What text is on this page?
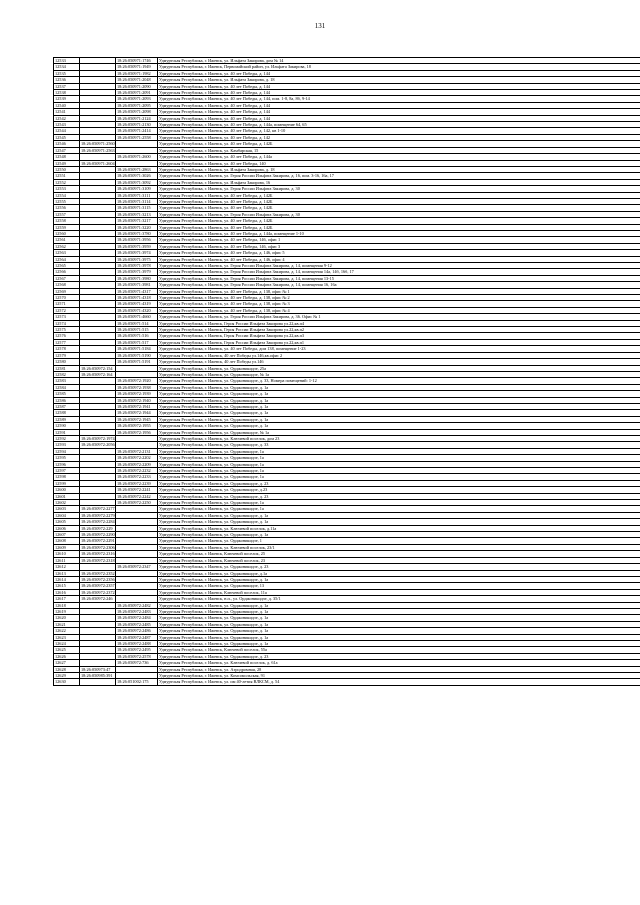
131
12533		18:26:050971:1746	Удмуртская Республика, г. Ижевск, ул. Ильфата Закирова, дом № 14
12534		18:26:050971:1949	Удмуртская Республика, г. Ижевск, Первомайский район, ул. Ильфата Закирова, 18
12535		18:26:050971:1982	Удмуртская Республика, г. Ижевск, ул. 40 лет Победы, д. 144
12536		18:26:050971:2048	Удмуртская Республика, г. Ижевск, ул. Ильфата Закирова, д. 18
12537		18:26:050971:2090	Удмуртская Республика, г. Ижевск, ул. 40 лет Победы, д. 144
12538		18:26:050971:2091	Удмуртская Республика, г. Ижевск, ул. 40 лет Победы, д. 144
12539		18:26:050971:2093	Удмуртская Республика, г. Ижевск, ул. 40 лет Победы, д. 144, пом. 1-8, 8а, 8б, 9-14
12540		18:26:050971:2095	Удмуртская Республика, г. Ижевск, ул. 40 лет Победы, д. 144
12541		18:26:050971:2098	Удмуртская Республика, г. Ижевск, ул. 40 лет Победы, д. 144
12542		18:26:050971:2124	Удмуртская Республика, г. Ижевск, ул. 40 лет Победы, д. 144
12543		18:26:050971:2130	Удмуртская Республика, г. Ижевск, ул. 40 лет Победы, д. 144а, помещение 64, 65
12544		18:26:050971:2414	Удмуртская Республика, г. Ижевск, ул. 40 лет Победы, д. 142, кв 1-10
12545		18:26:050971:2558	Удмуртская Республика, г. Ижевск, ул. 40 лет Победы, д. 142
12546	18:26:050971:2560		Удмуртская Республика, г. Ижевск, ул. 40 лет Победы, д. 142Б
12547	18:26:050971:2563		Удмуртская Республика, г. Ижевск, ул. Камбарская, 15
12548		18:26:050971:2600	Удмуртская Республика, г. Ижевск, ул. 40 лет Победы, д. 144а
12549	18:26:050971:2604		Удмуртская Республика, г. Ижевск, ул. 40 лет Победы, 140
12550		18:26:050971:2863	Удмуртская Республика, г. Ижевск, ул. Ильфата Закирова, д. 18
12551		18:26:050971:3026	Удмуртская Республика, г. Ижевск, ул. Героя России Ильфата Закирова, д. 16, пом. 3-16, 16а, 17
12552		18:26:050971:3092	Удмуртская Республика, г. Ижевск, ул. Ильфата Закирова, 16
12553		18:26:050971:3109	Удмуртская Республика, г. Ижевск, ул. Героя России Ильфата Закирова, д. 30
12554		18:26:050971:3111	Удмуртская Республика, г. Ижевск, ул. 40 лет Победы, д. 142Б
12555		18:26:050971:3114	Удмуртская Республика, г. Ижевск, ул. 40 лет Победы, д. 142Б
12556		18:26:050971:3115	Удмуртская Республика, г. Ижевск, ул. 40 лет Победы, д. 142Б
12557		18:26:050971:3213	Удмуртская Республика, г. Ижевск, ул. Героя России Ильфата Закирова, д. 30
12558		18:26:050971:3217	Удмуртская Республика, г. Ижевск, ул. 40 лет Победы, д. 142Б
12559		18:26:050971:3220	Удмуртская Республика, г. Ижевск, ул. 40 лет Победы, д. 142Б
12560		18:26:050971:3780	Удмуртская Республика, г. Ижевск, ул. 40 лет Победы, д. 144а, помещение 1-10
12561		18:26:050971:3956	Удмуртская Республика, г. Ижевск, ул. 40 лет Победы, 146, офис 1
12562		18:26:050971:3959	Удмуртская Республика, г. Ижевск, ул. 40 лет Победы, 146, офис 3
12563		18:26:050971:3974	Удмуртская Республика, г. Ижевск, ул. 40 лет Победы, д. 146, офис 5
12564		18:26:050971:3975	Удмуртская Республика, г. Ижевск, ул. 40 лет Победы, д. 146, офис 4
12565		18:26:050971:3978	Удмуртская Республика, г. Ижевск, ул. Героя России Ильфата Закирова, д. 14, помещения 9-12
12566		18:26:050971:3979	Удмуртская Республика, г. Ижевск, ул. Героя России Ильфата Закирова, д. 14, помещения 14а, 14б, 16б, 17
12567		18:26:050971:3980	Удмуртская Республика, г. Ижевск, ул. Героя России Ильфата Закирова, д. 14, помещения 13-15
12568		18:26:050971:3981	Удмуртская Республика, г. Ижевск, ул. Героя России Ильфата Закирова, д. 14, помещения 16, 16а
12569		18:26:050971:4317	Удмуртская Республика, г. Ижевск, ул. 40 лет Победы, д. 138, офис № 1
12570		18:26:050971:4318	Удмуртская Республика, г. Ижевск, ул. 40 лет Победы, д. 138, офис № 2
12571		18:26:050971:4319	Удмуртская Республика, г. Ижевск, ул. 40 лет Победы, д. 138, офис № 3
12572		18:26:050971:4320	Удмуртская Республика, г. Ижевск, ул. 40 лет Победы, д. 138, офис № 4
12573		18:26:050971:4660	Удмуртская Республика, г. Ижевск, ул. Героя России Ильфата Закирова, д. 36. Офис № 1
12574		18:26:050971:514	Удмуртская Республика, г. Ижевск, Героя России Ильфата Закирова ул.22,кв.п4
12575		18:26:050971:515	Удмуртская Республика, г. Ижевск, Героя России Ильфата Закирова ул.22,кв.п2
12576		18:26:050971:516	Удмуртская Республика, г. Ижевск, Героя России Ильфата Закирова ул.22,кв.п3
12577		18:26:050971:517	Удмуртская Республика, г. Ижевск, Героя России Ильфата Закирова ул.22,кв.п1
12578		18:26:050971:5184	Удмуртская Республика, г. Ижевск, ул. 40 лет Победы, дом 138, помещение 1-23
12579		18:26:050971:5190	Удмуртская Республика, г. Ижевск, 40 лет Победы ул.146,кв.офис 2
12580		18:26:050971:5191	Удмуртская Республика, г. Ижевск, 40 лет Победы ул.146
12581	18:26:050972:154		Удмуртская Республика, г. Ижевск, ул. Орджоникидзе, 25а
12582	18:26:050972:164		Удмуртская Республика, г. Ижевск, ул. Орджоникидзе, № 1а
12583		18:26:050972:1920	Удмуртская Республика, г. Ижевск, ул. Орджоникидзе, д. 33, Номера помещений: 1-12
12584		18:26:050972:1938	Удмуртская Республика, г. Ижевск, ул. Орджоникидзе, д. 1а
12585		18:26:050972:1939	Удмуртская Республика, г. Ижевск, ул. Орджоникидзе, д. 1а
12586		18:26:050972:1940	Удмуртская Республика, г. Ижевск, ул. Орджоникидзе, д. 1а
12587		18:26:050972:1941	Удмуртская Республика, г. Ижевск, ул. Орджоникидзе, д. 1а
12588		18:26:050972:1944	Удмуртская Республика, г. Ижевск, ул. Орджоникидзе, д. 1а
12589		18:26:050972:1945	Удмуртская Республика, г. Ижевск, ул. Орджоникидзе, д. 1а
12590		18:26:050972:1955	Удмуртская Республика, г. Ижевск, ул. Орджоникидзе, д. 1а
12591		18:26:050972:1956	Удмуртская Республика, г. Ижевск, ул. Орджоникидзе, № 1а
12592	18:26:050972:1974		Удмуртская Республика, г. Ижевск, ул. Ключевой поселок, дом 23
12593	18:26:050972:2056		Удмуртская Республика, г. Ижевск, ул. Орджоникидзе, д. 33
12594		18:26:050972:2131	Удмуртская Республика, г. Ижевск, ул. Орджоникидзе, 1а
12595		18:26:050972:2202	Удмуртская Республика, г. Ижевск, ул. Орджоникидзе, 1а
12596		18:26:050972:2209	Удмуртская Республика, г. Ижевск, ул. Орджоникидзе, 1а
12597		18:26:050972:2232	Удмуртская Республика, г. Ижевск, ул. Орджоникидзе, 1а
12598		18:26:050972:2233	Удмуртская Республика, г. Ижевск, ул. Орджоникидзе, 1а
12599		18:26:050972:2239	Удмуртская Республика, г. Ижевск, ул. Орджоникидзе, д. 23
12600		18:26:050972:2241	Удмуртская Республика, г. Ижевск, ул. Орджоникидзе, д.23
12601		18:26:050972:2242	Удмуртская Республика, г. Ижевск, ул. Орджоникидзе, д. 23
12602		18:26:050972:2250	Удмуртская Республика, г. Ижевск, ул. Орджоникидзе, 1а
12603	18:26:050972:2277		Удмуртская Республика, г. Ижевск, ул. Орджоникидзе, 1а
12604	18:26:050972:2279		Удмуртская Республика, г. Ижевск, ул. Орджоникидзе, д. 1а
12605	18:26:050972:2284		Удмуртская Республика, г. Ижевск, ул. Орджоникидзе, д. 1а
12606	18:26:050972:229		Удмуртская Республика, г. Ижевск, ул. Ключевой поселок, д.11а
12607	18:26:050972:2290		Удмуртская Республика, г. Ижевск, ул. Орджоникидзе, д. 1а
12608	18:26:050972:2291		Удмуртская Республика, г. Ижевск, ул. Орджоникидзе, 1
12609	18:26:050972:2306		Удмуртская Республика, г. Ижевск, ул. Ключевой поселок, 23/1
12610	18:26:050972:2316		Удмуртская Республика, г. Ижевск, Ключевой поселок, 25
12611	18:26:050972:2318		Удмуртская Республика, г. Ижевск, Ключевой поселок, 23
12612		18:26:050972:2347	Удмуртская Республика, г. Ижевск, ул. Орджоникидзе, д. 23
12613	18:26:050972:2352		Удмуртская Республика, г. Ижевск, ул. Орджоникидзе, д.1а
12614	18:26:050972:2356		Удмуртская Республика, г. Ижевск, ул. Орджоникидзе, д. 1а
12615	18:26:050972:2357		Удмуртская Республика, г. Ижевск, ул. Орджоникидзе, 13
12616	18:26:050972:2372		Удмуртская Республика, г. Ижевск, Ключевой поселок, 11а
12617	18:26:050972:246		Удмуртская Республика, г. Ижевск, н.п., ул. Орджоникидзе, д. 35/1
12618		18:26:050972:2482	Удмуртская Республика, г. Ижевск, ул. Орджоникидзе, д. 1а
12619		18:26:050972:2483	Удмуртская Республика, г. Ижевск, ул. Орджоникидзе, д. 1а
12620		18:26:050972:2484	Удмуртская Республика, г. Ижевск, ул. Орджоникидзе, д. 1а
12621		18:26:050972:2485	Удмуртская Республика, г. Ижевск, ул. Орджоникидзе, д. 1а
12622		18:26:050972:2486	Удмуртская Республика, г. Ижевск, ул. Орджоникидзе, д. 1а
12623		18:26:050972:2487	Удмуртская Республика, г. Ижевск, ул. Орджоникидзе, д. 1а
12624		18:26:050972:2488	Удмуртская Республика, г. Ижевск, ул. Орджоникидзе, д. 1а
12625		18:26:050972:2495	Удмуртская Республика, г. Ижевск, Ключевой поселок, 55а
12626		18:26:050972:2578	Удмуртская Республика, г. Ижевск, ул. Орджоникидзе, д. 23
12627		18:26:050972:736	Удмуртская Республика, г. Ижевск, ул. Ключевой поселок, д. 61а
12628	18:26:050973:47		Удмуртская Республика, г. Ижевск, ул. Аэродромная, 28
12629	18:26:050985:391		Удмуртская Республика, г. Ижевск, ул. Комсомольская, 91
12630		18:26:051002:175	Удмуртская Республика, г. Ижевск, ул. им 40-летия ВЛКСМ, д. 54
